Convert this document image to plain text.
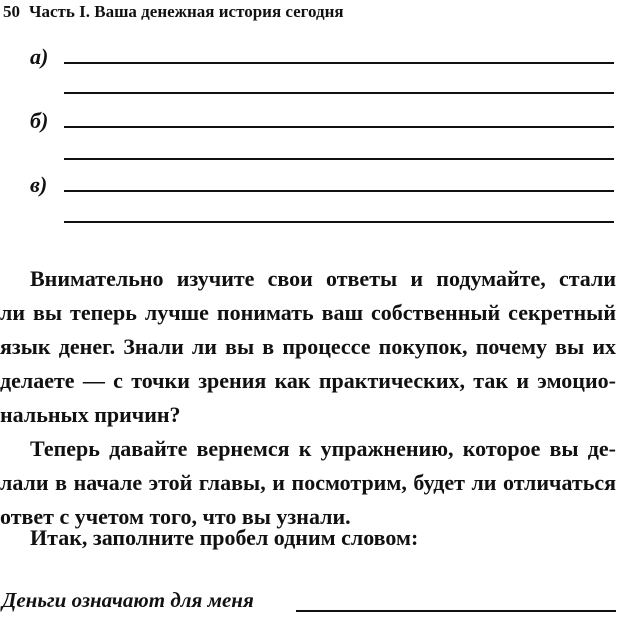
50 Часть I. Ваша денежная история сегодня
а)
б)
в)
Внимательно изучите свои ответы и подумайте, стали
ли вы теперь лучше понимать ваш собственный секретный
язык денег. Знали ли вы в процессе покупок, почему вы их
делаете — с точки зрения как практических, так и эмоцио-
нальных причин?
Теперь давайте вернемся к упражнению, которое вы де-
лали в начале этой главы, и посмотрим, будет ли отличаться
ответ с учетом того, что вы узнали.
Итак, заполните пробел одним словом:
Деньги означают для меня
